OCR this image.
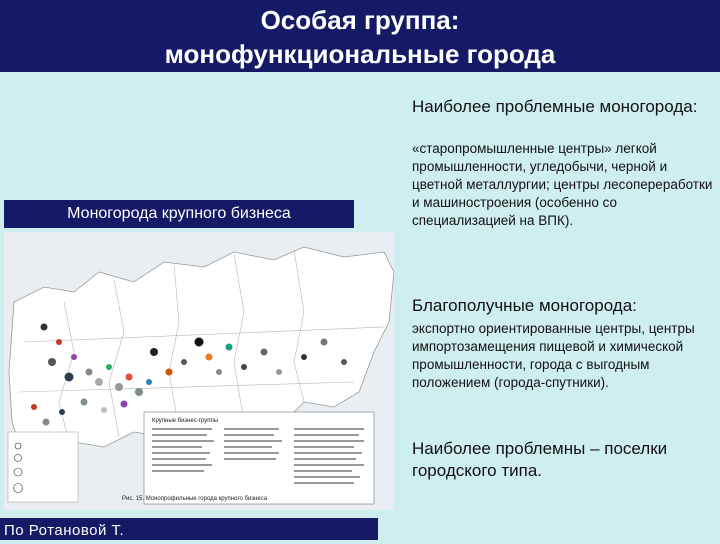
Особая группа:
монофункциональные города
Моногорода крупного бизнеса
Крупные бизнес-группы
Рис. 15. Монопрофильные города крупного бизнеса
Наиболее проблемные моногорода:
«старопромышленные центры» легкой промышленности, угледобычи, черной и цветной металлургии; центры лесопереработки и машиностроения (особенно со специализацией на ВПК).
Благополучные моногорода:
экспортно ориентированные центры, центры импортозамещения пищевой и химической промышленности, города с выгодным положением (города-спутники).
Наиболее проблемны – поселки городского типа.
По Ротановой Т.
